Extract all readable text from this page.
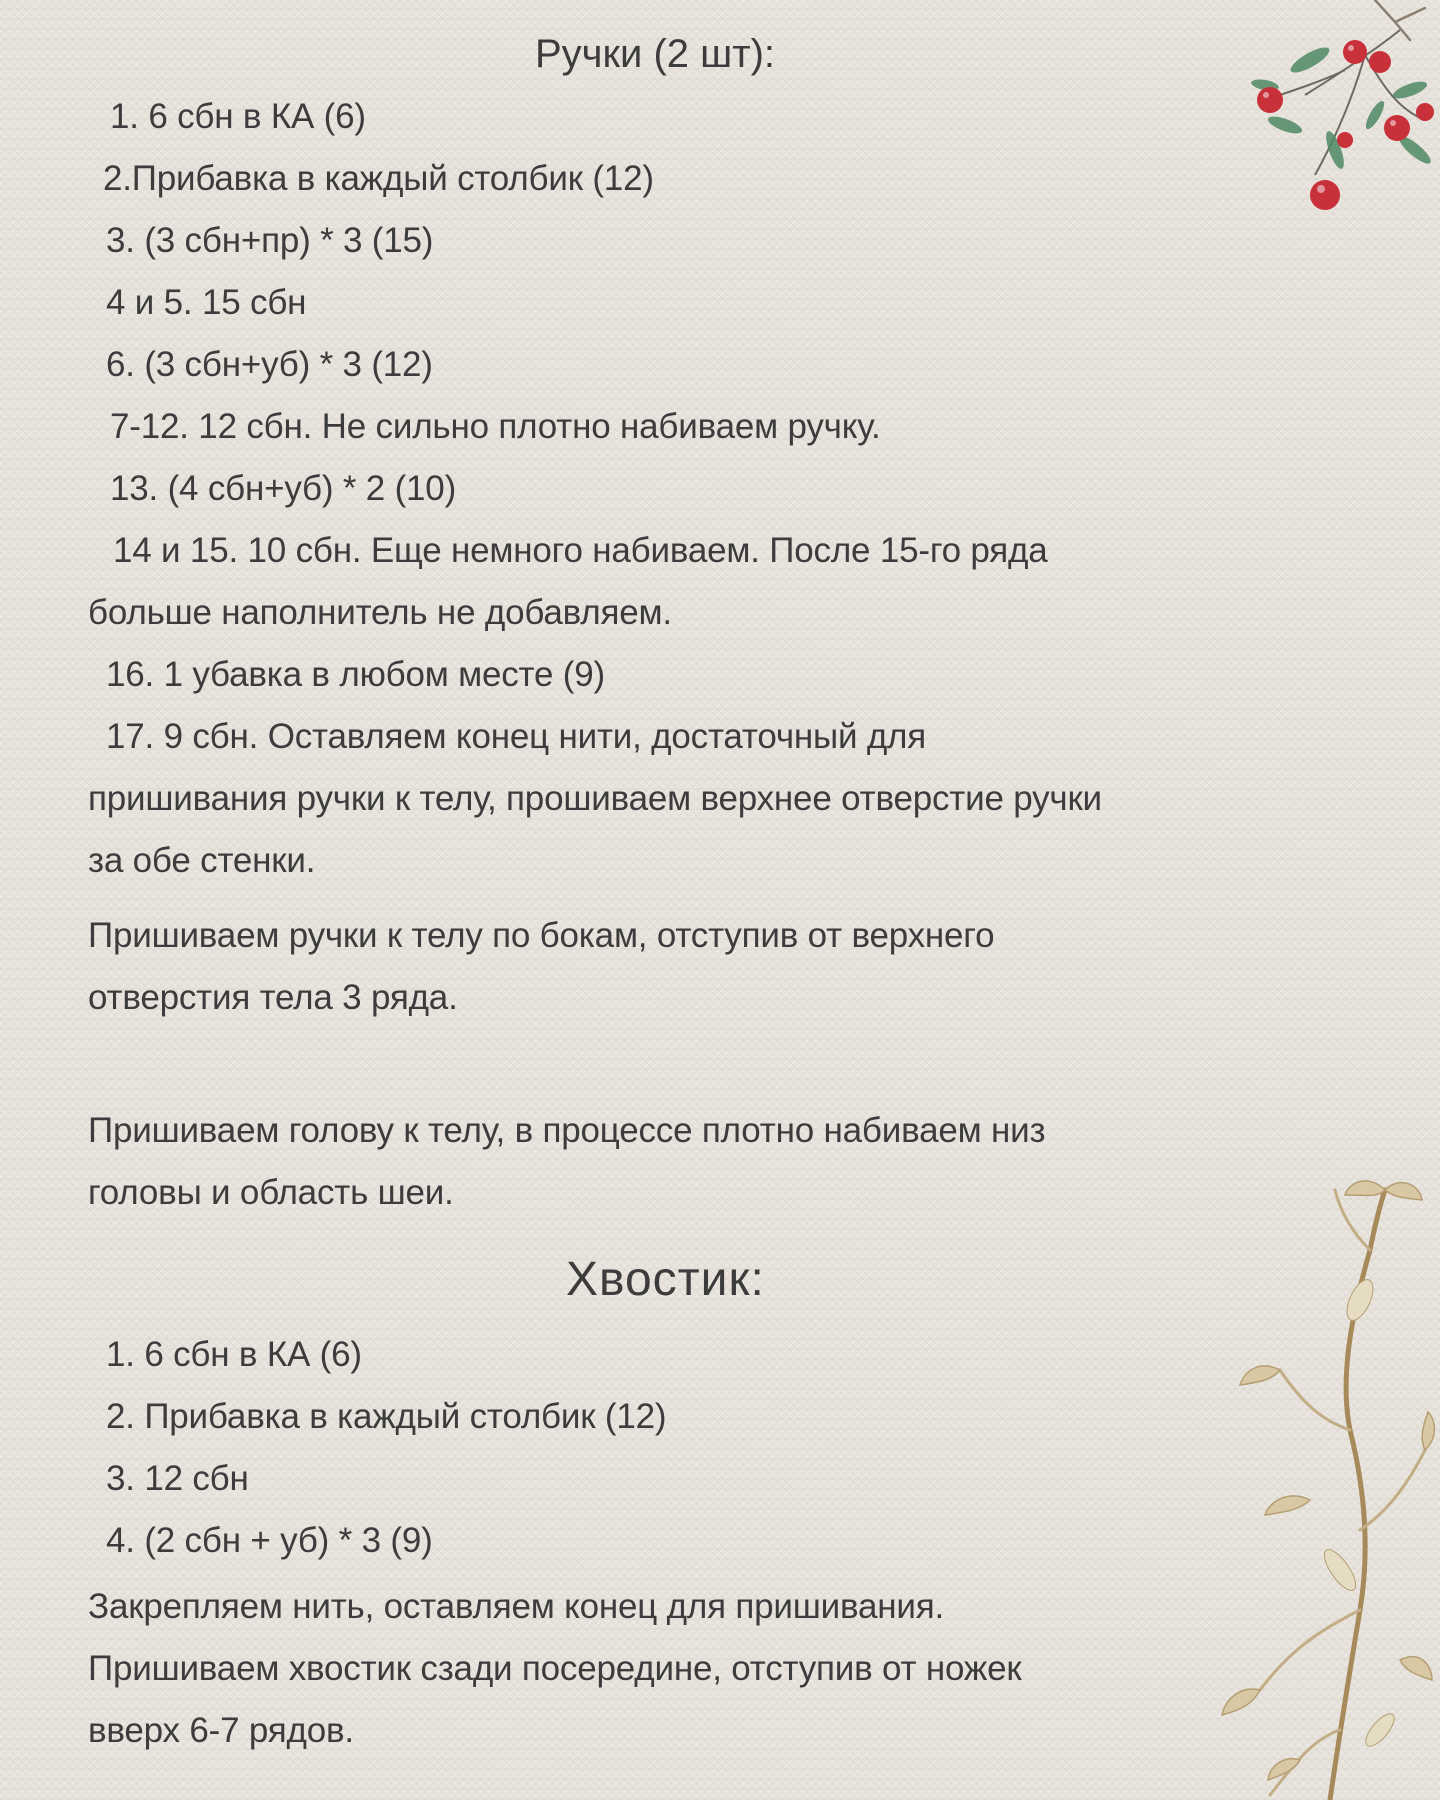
Ручки (2 шт):
1. 6 сбн в КА (6)
2.Прибавка в каждый столбик (12)
3. (3 сбн+пр) * 3 (15)
4 и 5. 15 сбн
6. (3 сбн+уб) * 3 (12)
7-12. 12 сбн. Не сильно плотно набиваем ручку.
13. (4 сбн+уб) * 2 (10)
14 и 15. 10 сбн. Еще немного набиваем. После 15-го ряда
больше наполнитель не добавляем.
16. 1 убавка в любом месте (9)
17. 9 сбн. Оставляем конец нити, достаточный для
пришивания ручки к телу, прошиваем верхнее отверстие ручки
за обе стенки.
Пришиваем ручки к телу по бокам, отступив от верхнего
отверстия тела 3 ряда.
Пришиваем голову к телу, в процессе плотно набиваем низ
головы и область шеи.
Хвостик:
1. 6 сбн в КА (6)
2. Прибавка в каждый столбик (12)
3. 12 сбн
4. (2 сбн + уб) * 3 (9)
Закрепляем нить, оставляем конец для пришивания.
Пришиваем хвостик сзади посередине, отступив от ножек
вверх 6-7 рядов.
